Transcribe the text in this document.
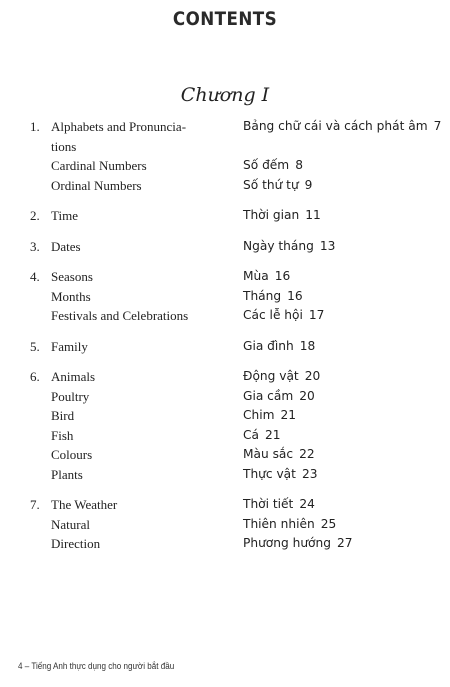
CONTENTS
Chương I
1. Alphabets and Pronuncia-	Bảng chữ cái và cách phát âm 7
tions
Cardinal Numbers	Số đếm 8
Ordinal Numbers	Số thứ tự 9
2. Time	Thời gian 11
3. Dates	Ngày tháng 13
4. Seasons	Mùa 16
Months	Tháng 16
Festivals and Celebrations	Các lễ hội 17
5. Family	Gia đình 18
6. Animals	Động vật 20
Poultry	Gia cầm 20
Bird	Chim 21
Fish	Cá 21
Colours	Màu sắc 22
Plants	Thực vật 23
7. The Weather	Thời tiết 24
Natural	Thiên nhiên 25
Direction	Phương hướng 27
4 – Tiếng Anh thực dụng cho người bắt đầu
